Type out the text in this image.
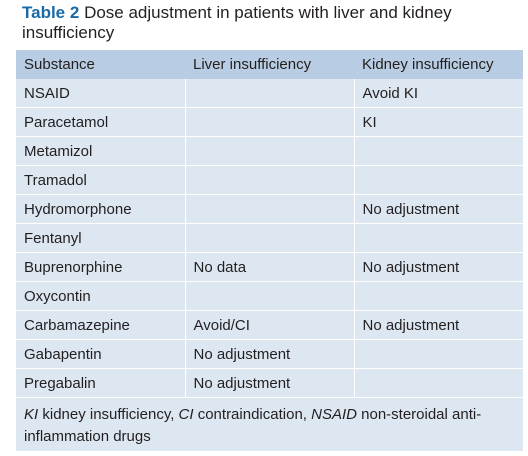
Table 2 Dose adjustment in patients with liver and kidney insufficiency
Substance	Liver insufficiency	Kidney insufficiency
NSAID		Avoid KI
Paracetamol		KI
Metamizol		
Tramadol		
Hydromorphone		No adjustment
Fentanyl		
Buprenorphine	No data	No adjustment
Oxycontin		
Carbamazepine	Avoid/CI	No adjustment
Gabapentin	No adjustment	
Pregabalin	No adjustment	
KI kidney insufficiency, CI contraindication, NSAID non-steroidal anti-inflammation drugs
